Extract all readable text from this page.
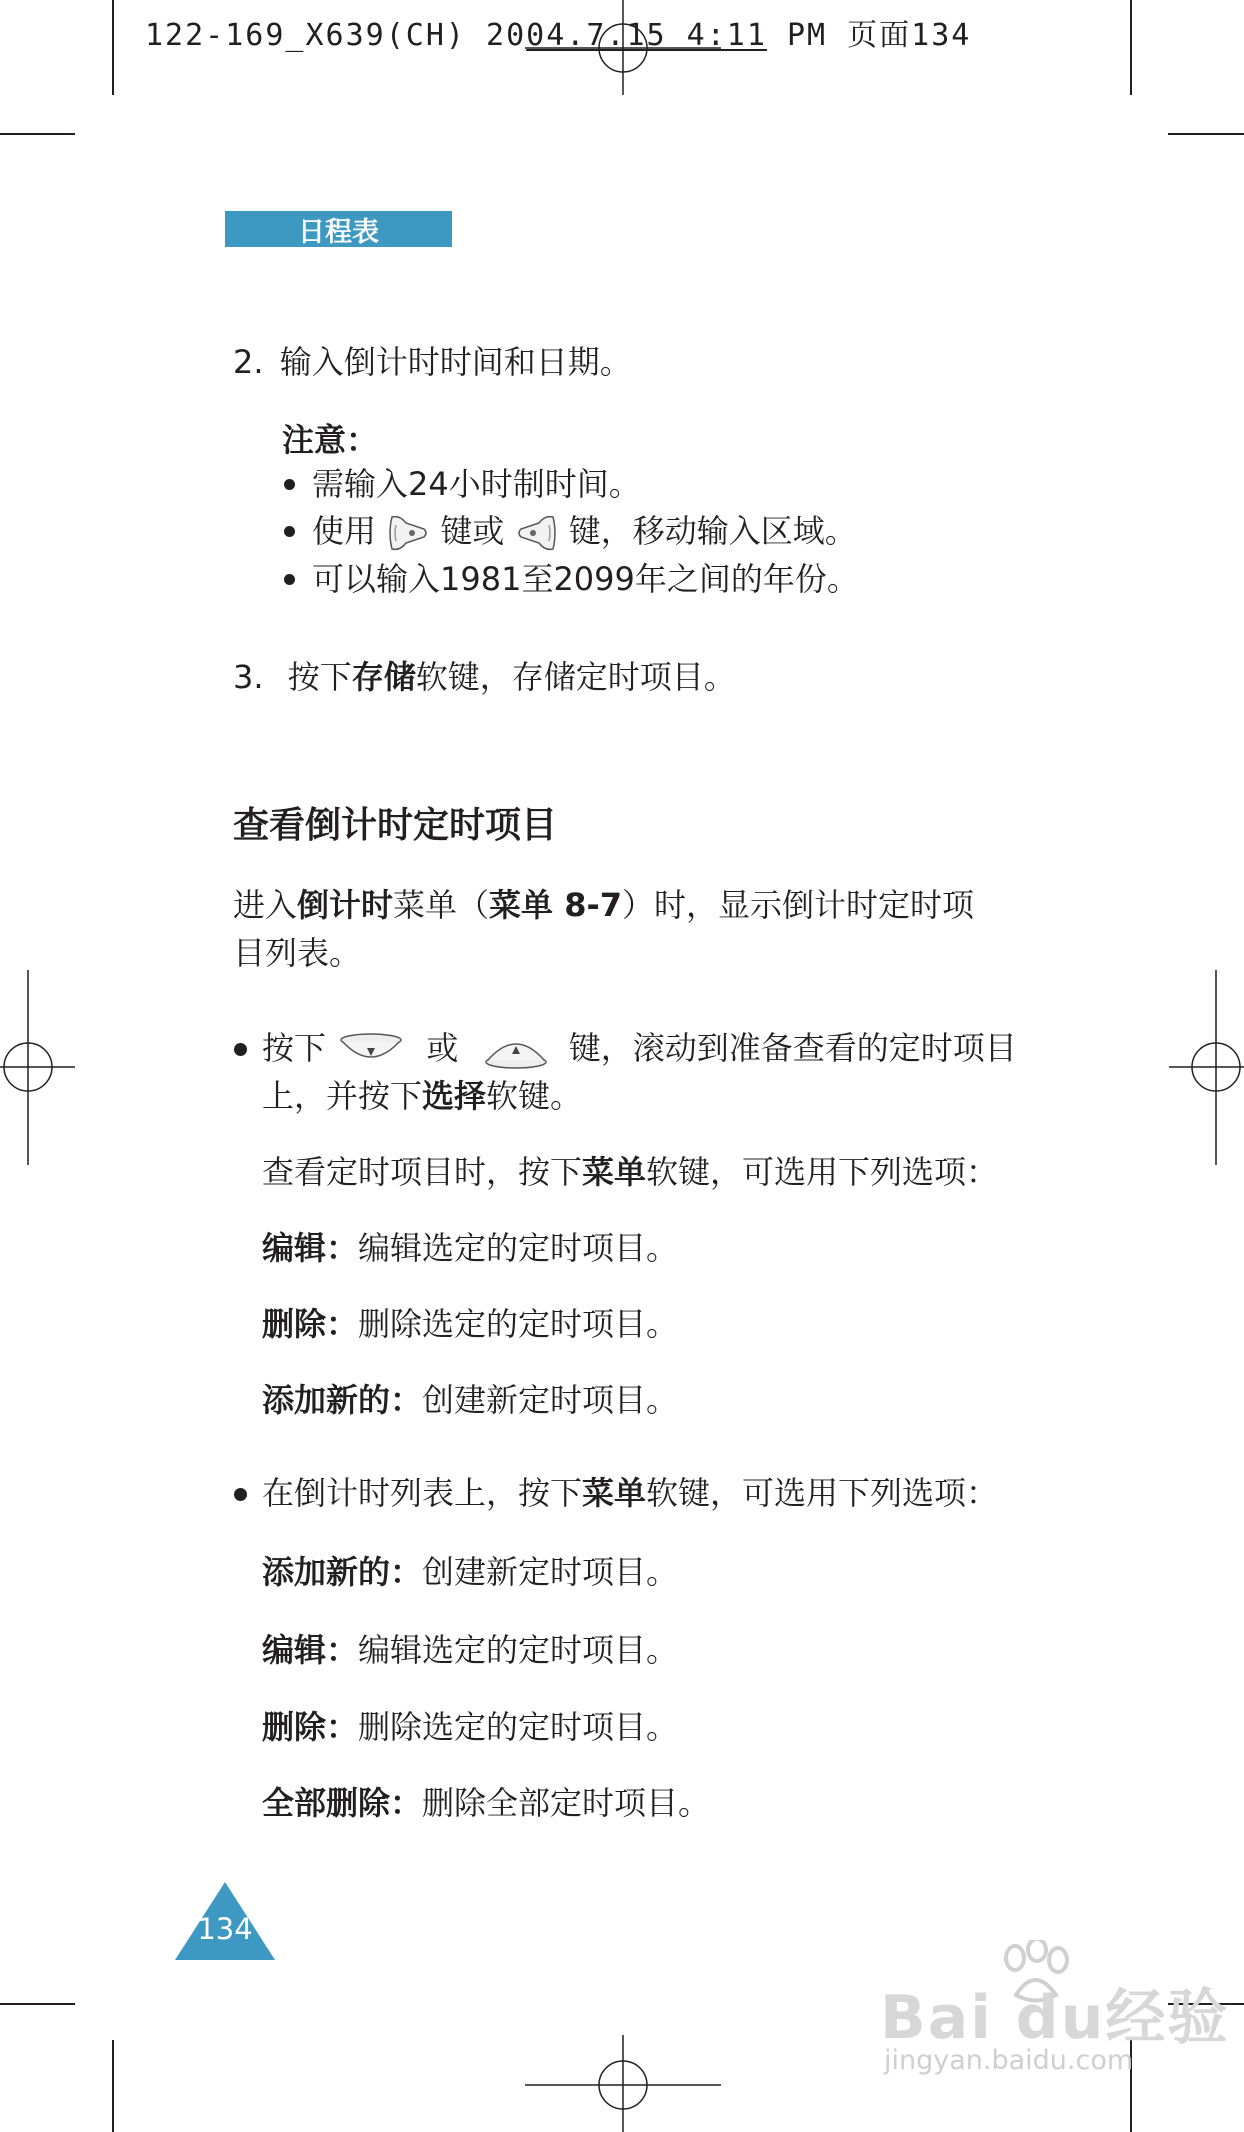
122-169_X639(CH) 2004.7.15 4:11 PM 页面134
日程表
2. 输入倒计时时间和日期。
注意：
需输入24小时制时间。
使用 键或 键，移动输入区域。
可以输入1981至2099年之间的年份。
3. 按下存储软键，存储定时项目。
查看倒计时定时项目
进入倒计时菜单（菜单 8-7）时，显示倒计时定时项
目列表。
按下	或	键，滚动到准备查看的定时项目
上，并按下选择软键。
查看定时项目时，按下菜单软键，可选用下列选项：
编辑：编辑选定的定时项目。
删除：删除选定的定时项目。
添加新的：创建新定时项目。
在倒计时列表上，按下菜单软键，可选用下列选项：
添加新的：创建新定时项目。
编辑：编辑选定的定时项目。
删除：删除选定的定时项目。
全部删除：删除全部定时项目。
134
Bai du经验
jingyan.baidu.com
